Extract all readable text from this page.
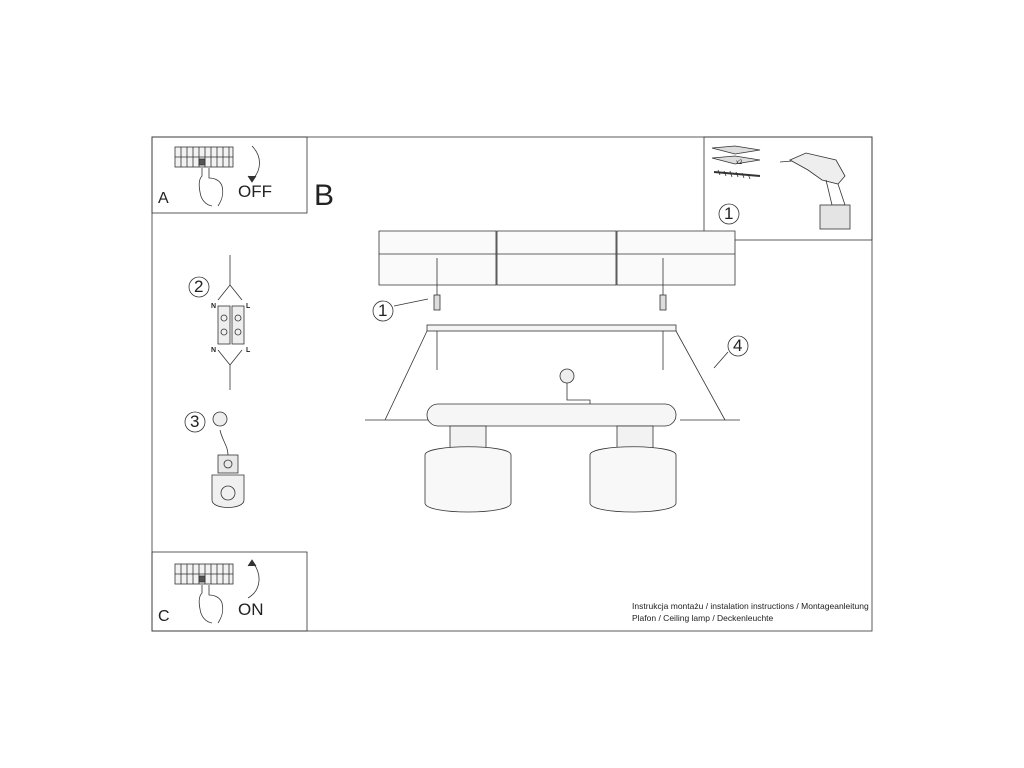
B
A	OFF
C	ON
1
1
2
3
4
x2
N	L
N	L
Instrukcja montażu / instalation instructions / Montageanleitung
Plafon / Ceiling lamp / Deckenleuchte
